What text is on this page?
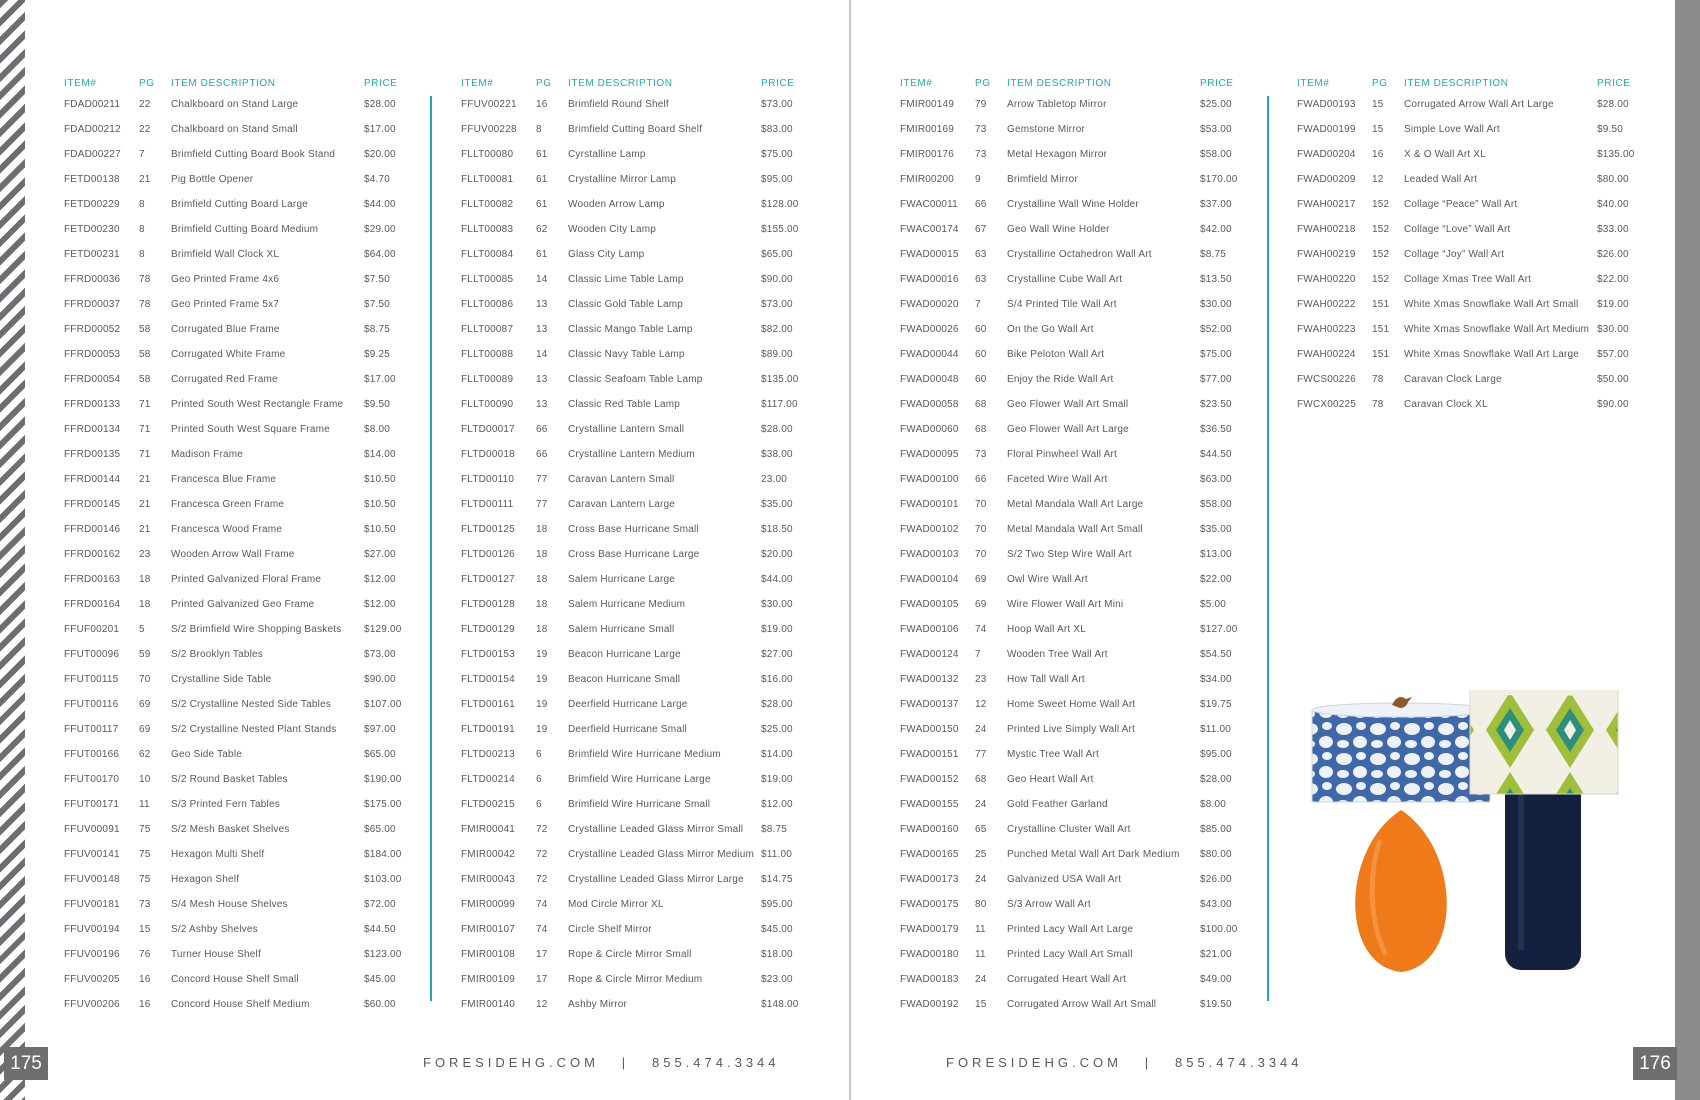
ITEM#	PG	ITEM DESCRIPTION	PRICE
FDAD00211	22	Chalkboard on Stand Large	$28.00
FDAD00212	22	Chalkboard on Stand Small	$17.00
FDAD00227	7	Brimfield Cutting Board Book Stand	$20.00
FETD00138	21	Pig Bottle Opener	$4.70
FETD00229	8	Brimfield Cutting Board Large	$44.00
FETD00230	8	Brimfield Cutting Board Medium	$29.00
FETD00231	8	Brimfield Wall Clock XL	$64.00
FFRD00036	78	Geo Printed Frame 4x6	$7.50
FFRD00037	78	Geo Printed Frame 5x7	$7.50
FFRD00052	58	Corrugated Blue Frame	$8.75
FFRD00053	58	Corrugated White Frame	$9.25
FFRD00054	58	Corrugated Red Frame	$17.00
FFRD00133	71	Printed South West Rectangle Frame	$9.50
FFRD00134	71	Printed South West Square Frame	$8.00
FFRD00135	71	Madison Frame	$14.00
FFRD00144	21	Francesca Blue Frame	$10.50
FFRD00145	21	Francesca Green Frame	$10.50
FFRD00146	21	Francesca Wood Frame	$10.50
FFRD00162	23	Wooden Arrow Wall Frame	$27.00
FFRD00163	18	Printed Galvanized Floral Frame	$12.00
FFRD00164	18	Printed Galvanized Geo Frame	$12.00
FFUF00201	5	S/2 Brimfield Wire Shopping Baskets	$129.00
FFUT00096	59	S/2 Brooklyn Tables	$73.00
FFUT00115	70	Crystalline Side Table	$90.00
FFUT00116	69	S/2 Crystalline Nested Side Tables	$107.00
FFUT00117	69	S/2 Crystalline Nested Plant Stands	$97.00
FFUT00166	62	Geo Side Table	$65.00
FFUT00170	10	S/2 Round Basket Tables	$190.00
FFUT00171	11	S/3 Printed Fern Tables	$175.00
FFUV00091	75	S/2 Mesh Basket Shelves	$65.00
FFUV00141	75	Hexagon Multi Shelf	$184.00
FFUV00148	75	Hexagon Shelf	$103.00
FFUV00181	73	S/4 Mesh House Shelves	$72.00
FFUV00194	15	S/2 Ashby Shelves	$44.50
FFUV00196	76	Turner House Shelf	$123.00
FFUV00205	16	Concord House Shelf Small	$45.00
FFUV00206	16	Concord House Shelf Medium	$60.00
ITEM#	PG	ITEM DESCRIPTION	PRICE
FFUV00221	16	Brimfield Round Shelf	$73.00
FFUV00228	8	Brimfield Cutting Board Shelf	$83.00
FLLT00080	61	Cyrstalline Lamp	$75.00
FLLT00081	61	Crystalline Mirror Lamp	$95.00
FLLT00082	61	Wooden Arrow Lamp	$128.00
FLLT00083	62	Wooden City Lamp	$155.00
FLLT00084	61	Glass City Lamp	$65.00
FLLT00085	14	Classic Lime Table Lamp	$90.00
FLLT00086	13	Classic Gold Table Lamp	$73.00
FLLT00087	13	Classic Mango Table Lamp	$82.00
FLLT00088	14	Classic Navy Table Lamp	$89.00
FLLT00089	13	Classic Seafoam Table Lamp	$135.00
FLLT00090	13	Classic Red Table Lamp	$117.00
FLTD00017	66	Crystalline Lantern Small	$28.00
FLTD00018	66	Crystalline Lantern Medium	$38.00
FLTD00110	77	Caravan Lantern Small	23.00
FLTD00111	77	Caravan Lantern Large	$35.00
FLTD00125	18	Cross Base Hurricane Small	$18.50
FLTD00126	18	Cross Base Hurricane Large	$20.00
FLTD00127	18	Salem Hurricane Large	$44.00
FLTD00128	18	Salem Hurricane Medium	$30.00
FLTD00129	18	Salem Hurricane Small	$19.00
FLTD00153	19	Beacon Hurricane Large	$27.00
FLTD00154	19	Beacon Hurricane Small	$16.00
FLTD00161	19	Deerfield Hurricane Large	$28.00
FLTD00191	19	Deerfield Hurricane Small	$25.00
FLTD00213	6	Brimfield Wire Hurricane Medium	$14.00
FLTD00214	6	Brimfield Wire Hurricane Large	$19.00
FLTD00215	6	Brimfield Wire Hurricane Small	$12.00
FMIR00041	72	Crystalline Leaded Glass Mirror Small	$8.75
FMIR00042	72	Crystalline Leaded Glass Mirror Medium $11.00
FMIR00043	72	Crystalline Leaded Glass Mirror Large	$14.75
FMIR00099	74	Mod Circle Mirror XL	$95.00
FMIR00107	74	Circle Shelf Mirror	$45.00
FMIR00108	17	Rope & Circle Mirror Small	$18.00
FMIR00109	17	Rope & Circle Mirror Medium	$23.00
FMIR00140	12	Ashby Mirror	$148.00
ITEM#	PG	ITEM DESCRIPTION	PRICE
FMIR00149	79	Arrow Tabletop Mirror	$25.00
FMIR00169	73	Gemstone Mirror	$53.00
FMIR00176	73	Metal Hexagon Mirror	$58.00
FMIR00200	9	Brimfield Mirror	$170.00
FWAC00011	66	Crystalline Wall Wine Holder	$37.00
FWAC00174	67	Geo Wall Wine Holder	$42.00
FWAD00015	63	Crystalline Octahedron Wall Art	$8.75
FWAD00016	63	Crystalline Cube Wall Art	$13.50
FWAD00020	7	S/4 Printed Tile Wall Art	$30.00
FWAD00026	60	On the Go Wall Art	$52.00
FWAD00044	60	Bike Peloton Wall Art	$75.00
FWAD00048	60	Enjoy the Ride Wall Art	$77.00
FWAD00058	68	Geo Flower Wall Art Small	$23.50
FWAD00060	68	Geo Flower Wall Art Large	$36.50
FWAD00095	73	Floral Pinwheel Wall Art	$44.50
FWAD00100	66	Faceted Wire Wall Art	$63.00
FWAD00101	70	Metal Mandala Wall Art Large	$58.00
FWAD00102	70	Metal Mandala Wall Art Small	$35.00
FWAD00103	70	S/2 Two Step Wire Wall Art	$13.00
FWAD00104	69	Owl Wire Wall Art	$22.00
FWAD00105	69	Wire Flower Wall Art Mini	$5.00
FWAD00106	74	Hoop Wall Art XL	$127.00
FWAD00124	7	Wooden Tree Wall Art	$54.50
FWAD00132	23	How Tall Wall Art	$34.00
FWAD00137	12	Home Sweet Home Wall Art	$19.75
FWAD00150	24	Printed Live Simply Wall Art	$11.00
FWAD00151	77	Mystic Tree Wall Art	$95.00
FWAD00152	68	Geo Heart Wall Art	$28.00
FWAD00155	24	Gold Feather Garland	$8.00
FWAD00160	65	Crystalline Cluster Wall Art	$85.00
FWAD00165	25	Punched Metal Wall Art Dark Medium	$80.00
FWAD00173	24	Galvanized USA Wall Art	$26.00
FWAD00175	80	S/3 Arrow Wall Art	$43.00
FWAD00179	11	Printed Lacy Wall Art Large	$100.00
FWAD00180	11	Printed Lacy Wall Art Small	$21.00
FWAD00183	24	Corrugated Heart Wall Art	$49.00
FWAD00192	15	Corrugated Arrow Wall Art Small	$19.50
ITEM#	PG	ITEM DESCRIPTION	PRICE
FWAD00193	15	Corrugated Arrow Wall Art Large	$28.00
FWAD00199	15	Simple Love Wall Art	$9.50
FWAD00204	16	X & O Wall Art XL	$135.00
FWAD00209	12	Leaded Wall Art	$80.00
FWAH00217	152	Collage “Peace” Wall Art	$40.00
FWAH00218	152	Collage “Love” Wall Art	$33.00
FWAH00219	152	Collage “Joy” Wall Art	$26.00
FWAH00220	152	Collage Xmas Tree Wall Art	$22.00
FWAH00222	151	White Xmas Snowflake Wall Art Small	$19.00
FWAH00223	151	White Xmas Snowflake Wall Art Medium $30.00
FWAH00224	151	White Xmas Snowflake Wall Art Large	$57.00
FWCS00226	78	Caravan Clock Large	$50.00
FWCX00225	78	Caravan Clock XL	$90.00
175	176
FORESIDEHG.COM | 855.474.3344	FORESIDEHG.COM | 855.474.3344
